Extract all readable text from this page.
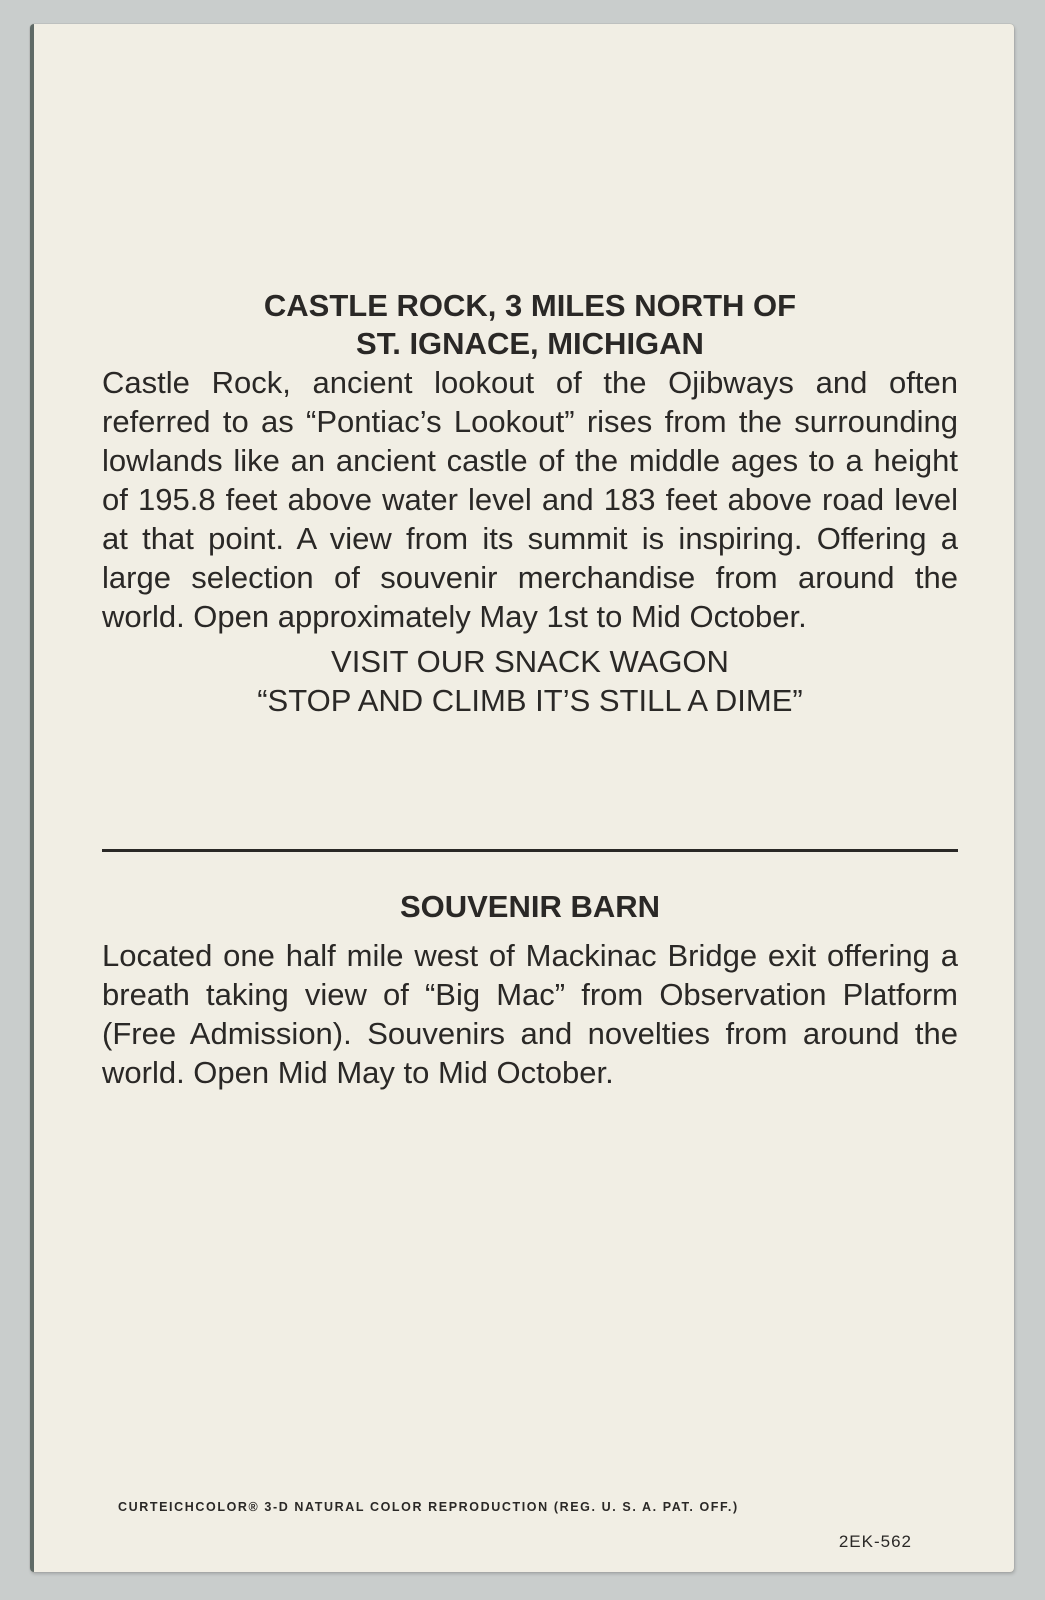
CASTLE ROCK, 3 MILES NORTH OF

ST. IGNACE, MICHIGAN

Castle Rock, ancient lookout of the Ojibways and often referred to as “Pontiac’s Lookout” rises from the surrounding lowlands like an ancient castle of the middle ages to a height of 195.8 feet above water level and 183 feet above road level at that point. A view from its summit is inspiring. Offering a large selection of souvenir merchandise from around the world. Open approximately May 1st to Mid October.

VISIT OUR SNACK WAGON

“STOP AND CLIMB IT’S STILL A DIME”

SOUVENIR BARN

Located one half mile west of Mackinac Bridge exit offering a breath taking view of “Big Mac” from Observation Platform (Free Admission). Souvenirs and novelties from around the world. Open Mid May to Mid October.

CURTEICHCOLOR® 3-D NATURAL COLOR REPRODUCTION (REG. U. S. A. PAT. OFF.)
2EK-562
